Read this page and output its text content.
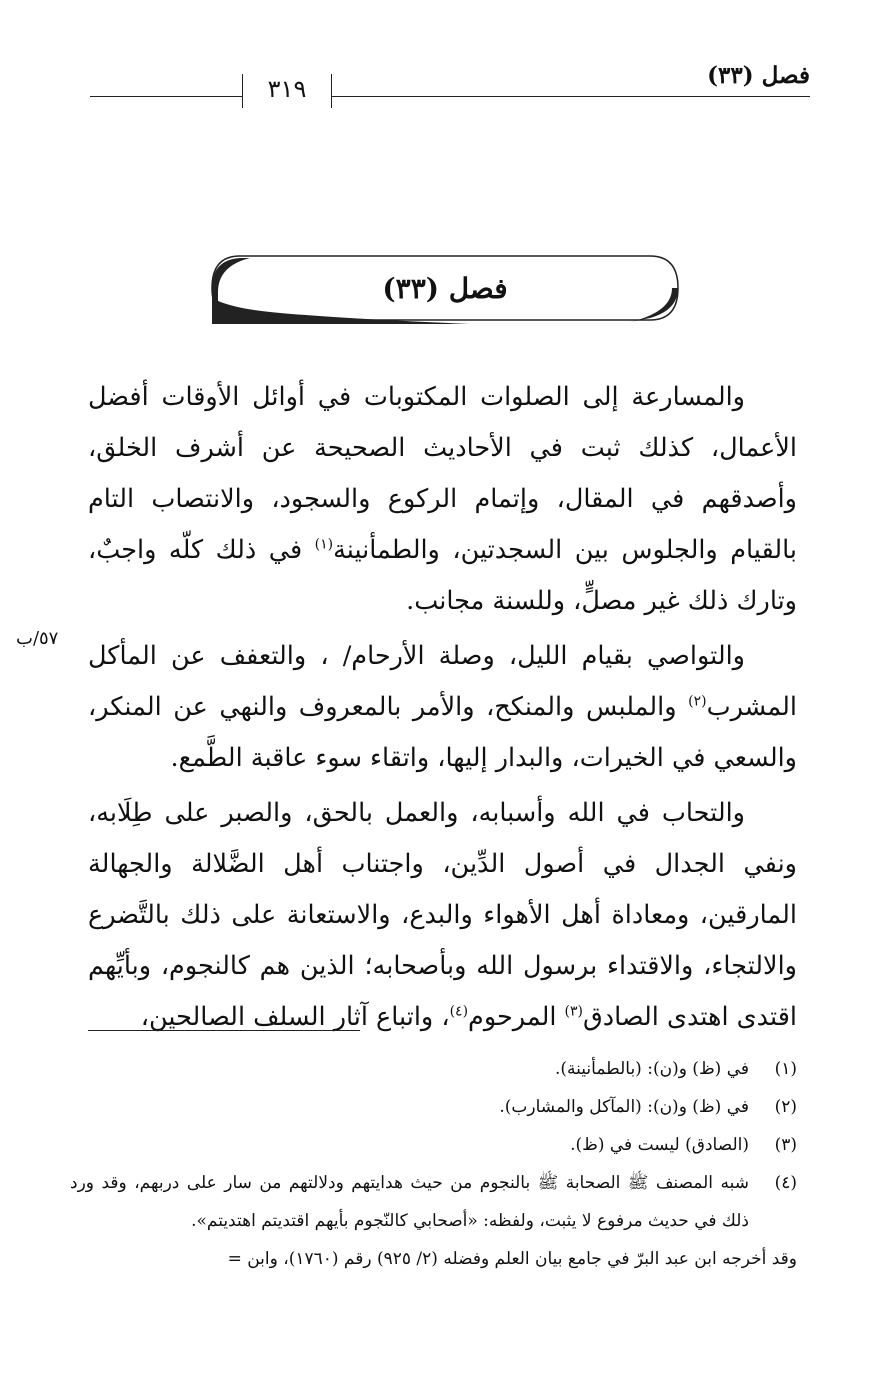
فصل (٣٣)
٣١٩
فصل (٣٣)

والمسارعة إلى الصلوات المكتوبات في أوائل الأوقات أفضل الأعمال، كذلك ثبت في الأحاديث الصحيحة عن أشرف الخلق، وأصدقهم في المقال، وإتمام الركوع والسجود، والانتصاب التام بالقيام والجلوس بين السجدتين، والطمأنينة$^{(١)}$ في ذلك كلّه واجبٌ، وتارك ذلك غير مصلٍّ، وللسنة مجانب.

والتواصي بقيام الليل، وصلة الأرحام/ ، والتعفف عن المأكل المشرب$^{(٢)}$ والملبس والمنكح، والأمر بالمعروف والنهي عن المنكر، والسعي في الخيرات، والبدار إليها، واتقاء سوء عاقبة الطَّمع.

والتحاب في الله وأسبابه، والعمل بالحق، والصبر على طِلَابه، ونفي الجدال في أصول الدِّين، واجتناب أهل الضَّلالة والجهالة المارقين، ومعاداة أهل الأهواء والبدع، والاستعانة على ذلك بالتَّضرع والالتجاء، والاقتداء برسول الله وبأصحابه؛ الذين هم كالنجوم، وبأيِّهم اقتدى اهتدى الصادق$^{(٣)}$ المرحوم$^{(٤)}$، واتباع آثار السلف الصالحين،

٥٧/ب
(١)
في (ظ) و(ن): (بالطمأنينة).
(٢)
في (ظ) و(ن): (المآكل والمشارب).
(٣)
(الصادق) ليست في (ظ).
(٤)
شبه المصنف ﷺ الصحابة ﷺ بالنجوم من حيث هدايتهم ودلالتهم من سار على دربهم، وقد ورد ذلك في حديث مرفوع لا يثبت، ولفظه: «أصحابي كالنّجوم بأيهم اقتديتم اهتديتم».
وقد أخرجه ابن عبد البرّ في جامع بيان العلم وفضله (٢/ ٩٢٥) رقم (١٧٦٠)، وابن =
